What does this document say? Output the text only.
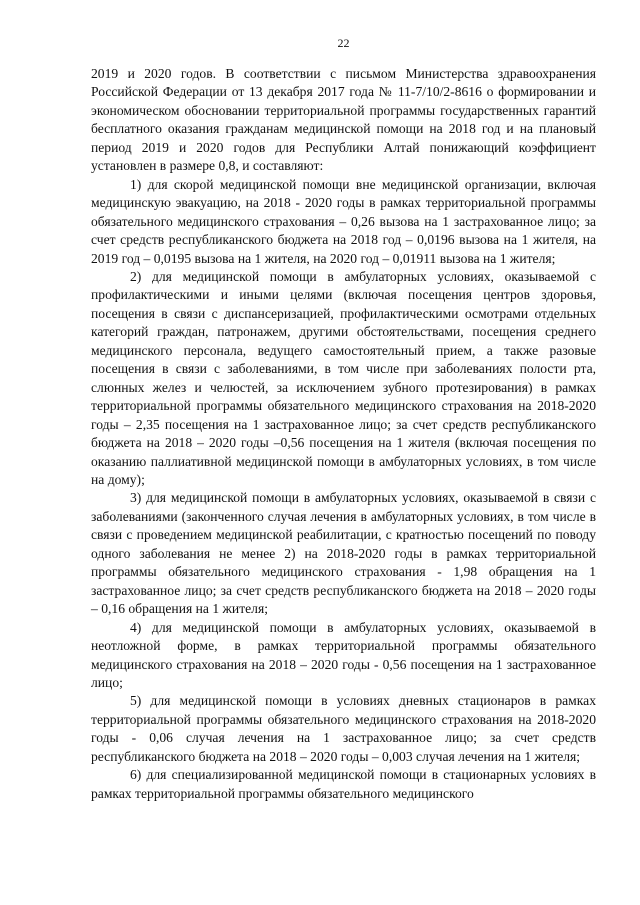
22

2019 и 2020 годов. В соответствии с письмом Министерства здравоохранения Российской Федерации от 13 декабря 2017 года № 11-7/10/2-8616 о формировании и экономическом обосновании территориальной программы государственных гарантий бесплатного оказания гражданам медицинской помощи на 2018 год и на плановый период 2019 и 2020 годов для Республики Алтай понижающий коэффициент установлен в размере 0,8, и составляют:

1) для скорой медицинской помощи вне медицинской организации, включая медицинскую эвакуацию, на 2018 - 2020 годы в рамках территориальной программы обязательного медицинского страхования – 0,26 вызова на 1 застрахованное лицо; за счет средств республиканского бюджета на 2018 год – 0,0196 вызова на 1 жителя, на 2019 год – 0,0195 вызова на 1 жителя, на 2020 год – 0,01911 вызова на 1 жителя;

2) для медицинской помощи в амбулаторных условиях, оказываемой с профилактическими и иными целями (включая посещения центров здоровья, посещения в связи с диспансеризацией, профилактическими осмотрами отдельных категорий граждан, патронажем, другими обстоятельствами, посещения среднего медицинского персонала, ведущего самостоятельный прием, а также разовые посещения в связи с заболеваниями, в том числе при заболеваниях полости рта, слюнных желез и челюстей, за исключением зубного протезирования) в рамках территориальной программы обязательного медицинского страхования на 2018-2020 годы – 2,35 посещения на 1 застрахованное лицо; за счет средств республиканского бюджета на 2018 – 2020 годы –0,56 посещения на 1 жителя (включая посещения по оказанию паллиативной медицинской помощи в амбулаторных условиях, в том числе на дому);

3) для медицинской помощи в амбулаторных условиях, оказываемой в связи с заболеваниями (законченного случая лечения в амбулаторных условиях, в том числе в связи с проведением медицинской реабилитации, с кратностью посещений по поводу одного заболевания не менее 2) на 2018-2020 годы в рамках территориальной программы обязательного медицинского страхования - 1,98 обращения на 1 застрахованное лицо; за счет средств республиканского бюджета на 2018 – 2020 годы – 0,16 обращения на 1 жителя;

4) для медицинской помощи в амбулаторных условиях, оказываемой в неотложной форме, в рамках территориальной программы обязательного медицинского страхования на 2018 – 2020 годы - 0,56 посещения на 1 застрахованное лицо;

5) для медицинской помощи в условиях дневных стационаров в рамках территориальной программы обязательного медицинского страхования на 2018-2020 годы - 0,06 случая лечения на 1 застрахованное лицо; за счет средств республиканского бюджета на 2018 – 2020 годы – 0,003 случая лечения на 1 жителя;

6) для специализированной медицинской помощи в стационарных условиях в рамках территориальной программы обязательного медицинского
